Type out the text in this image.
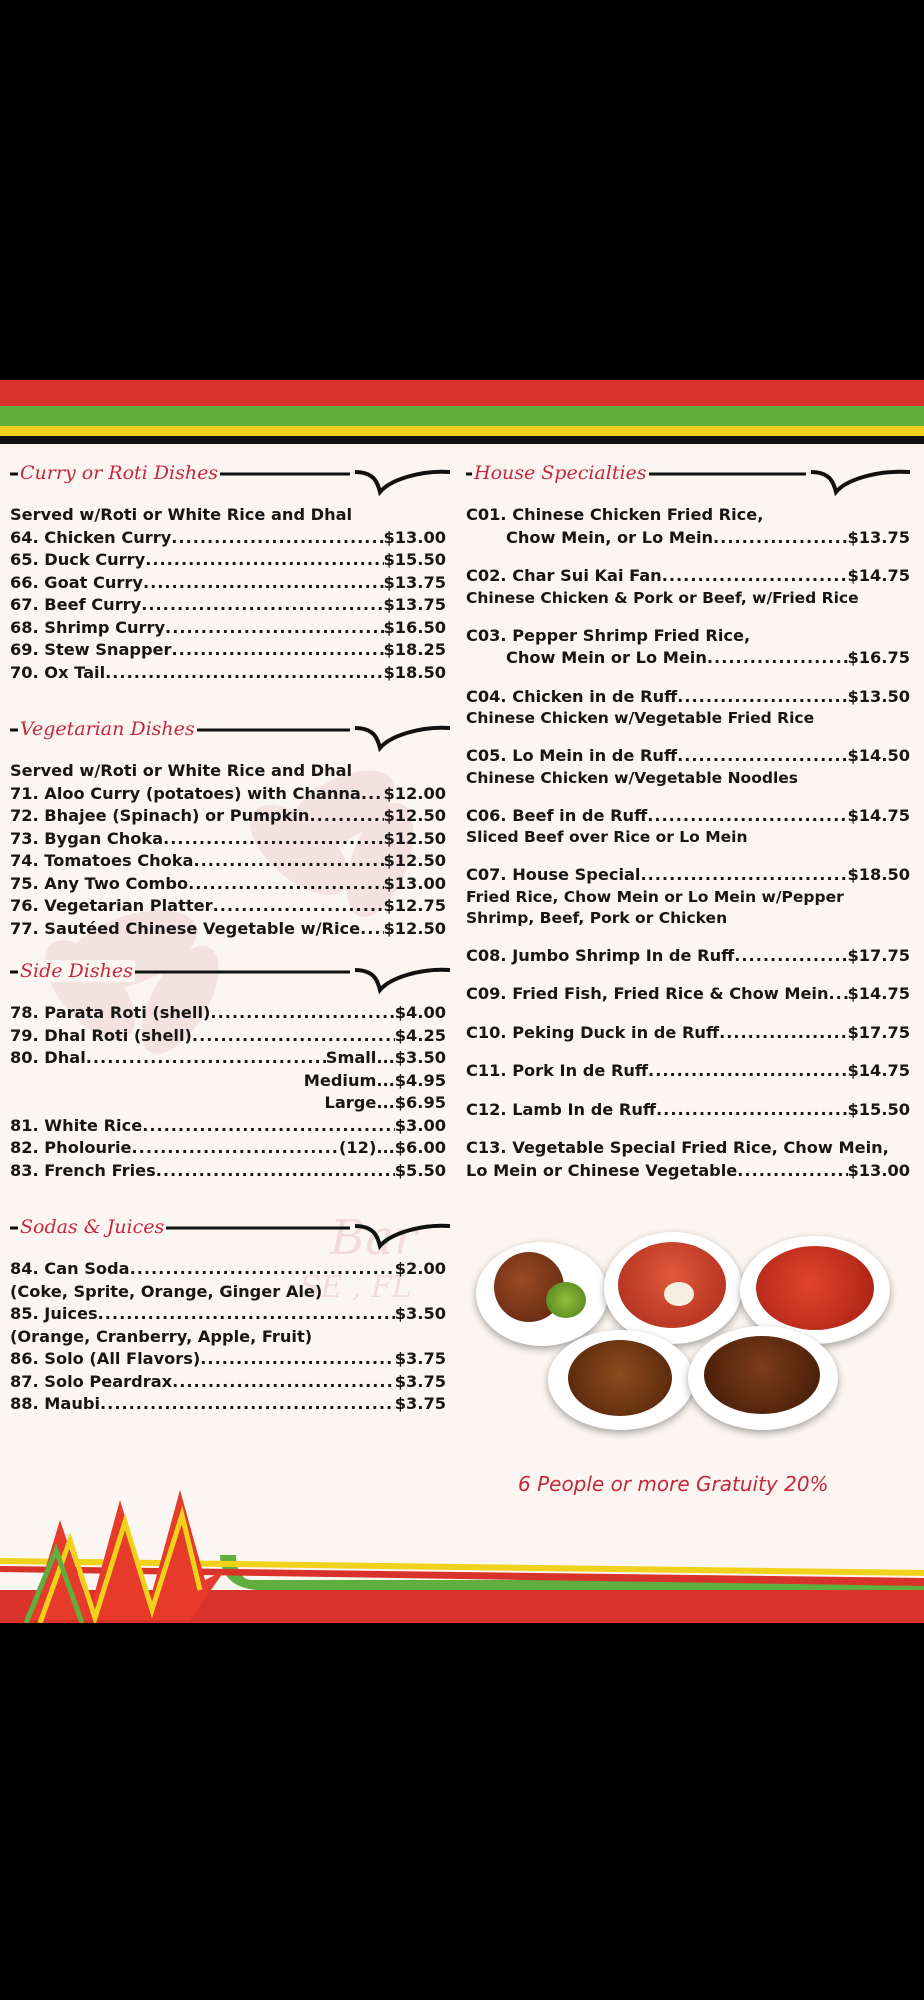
Bar
SE , FL
Curry or Roti Dishes
Served w/Roti or White Rice and Dhal
64. Chicken Curry .....	$13.00
65. Duck Curry .....	$15.50
66. Goat Curry .....	$13.75
67. Beef Curry .....	$13.75
68. Shrimp Curry .....	$16.50
69. Stew Snapper .....	$18.25
70. Ox Tail .....	$18.50
Vegetarian Dishes
Served w/Roti or White Rice and Dhal
71. Aloo Curry (potatoes) with Channa ..... $12.00
72. Bhajee (Spinach) or Pumpkin .....	$12.50
73. Bygan Choka .....	$12.50
74. Tomatoes Choka .....	$12.50
75. Any Two Combo .....	$13.00
76. Vegetarian Platter .....	$12.75
77. Sautéed Chinese Vegetable w/Rice ..... $12.50
Side Dishes
78. Parata Roti (shell) .....	$4.00
79. Dhal Roti (shell) .....	$4.25
80. Dhal .....	Small...$3.50
Medium...$4.95
Large...$6.95
81. White Rice .....	$3.00
82. Pholourie .....	(12)...$6.00
83. French Fries .....	$5.50
Sodas & Juices
84. Can Soda .....	$2.00
(Coke, Sprite, Orange, Ginger Ale)
85. Juices .....	$3.50
(Orange, Cranberry, Apple, Fruit)
86. Solo (All Flavors) .....	$3.75
87. Solo Peardrax .....	$3.75
88. Maubi .....	$3.75
House Specialties
C01. Chinese Chicken Fried Rice,
Chow Mein, or Lo Mein .....	$13.75
C02. Char Sui Kai Fan .....	$14.75
Chinese Chicken & Pork or Beef, w/Fried Rice
C03. Pepper Shrimp Fried Rice,
Chow Mein or Lo Mein .....	$16.75
C04. Chicken in de Ruff .....	$13.50
Chinese Chicken w/Vegetable Fried Rice
C05. Lo Mein in de Ruff .....	$14.50
Chinese Chicken w/Vegetable Noodles
C06. Beef in de Ruff .....	$14.75
Sliced Beef over Rice or Lo Mein
C07. House Special .....	$18.50
Fried Rice, Chow Mein or Lo Mein w/Pepper
Shrimp, Beef, Pork or Chicken
C08. Jumbo Shrimp In de Ruff .....	$17.75
C09. Fried Fish, Fried Rice & Chow Mein ..... $14.75
C10. Peking Duck in de Ruff .....	$17.75
C11. Pork In de Ruff .....	$14.75
C12. Lamb In de Ruff .....	$15.50
C13. Vegetable Special Fried Rice, Chow Mein,
Lo Mein or Chinese Vegetable .....	$13.00
6 People or more Gratuity 20%
